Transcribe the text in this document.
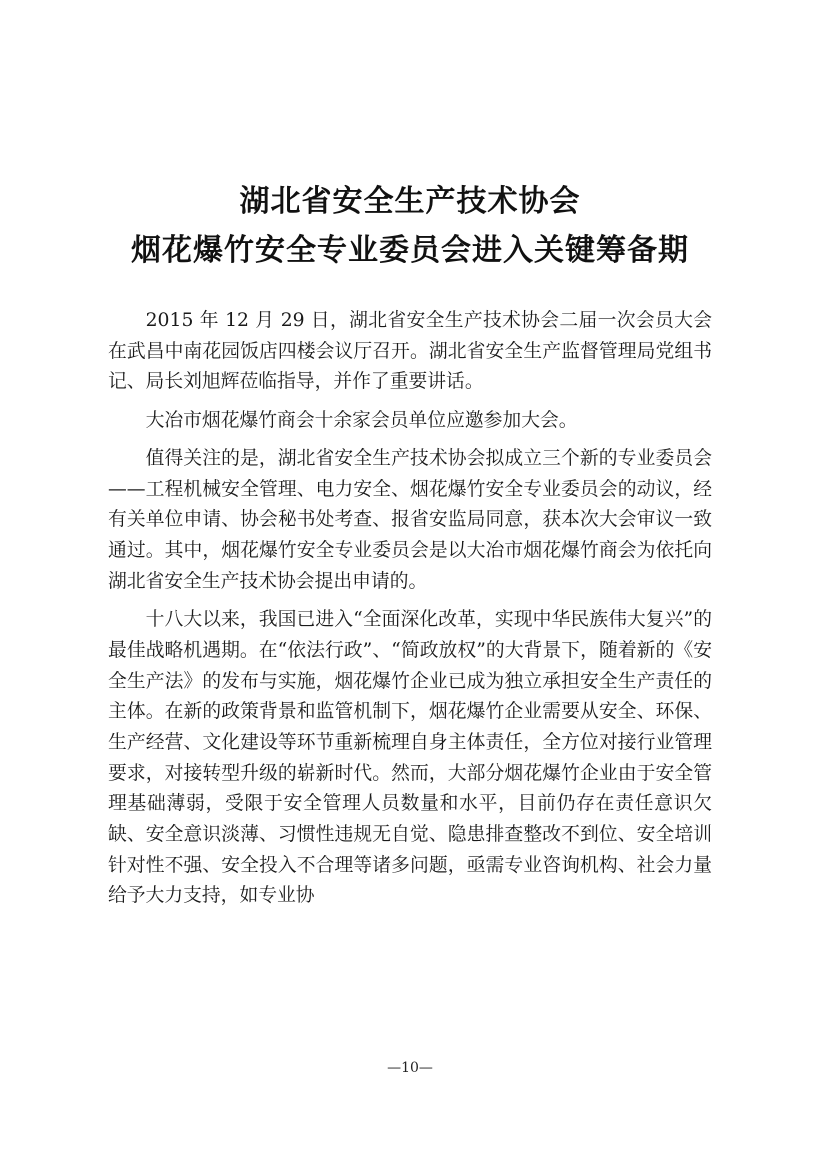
湖北省安全生产技术协会
烟花爆竹安全专业委员会进入关键筹备期

2015 年 12 月 29 日，湖北省安全生产技术协会二届一次会员大会在武昌中南花园饭店四楼会议厅召开。湖北省安全生产监督管理局党组书记、局长刘旭辉莅临指导，并作了重要讲话。

大冶市烟花爆竹商会十余家会员单位应邀参加大会。

值得关注的是，湖北省安全生产技术协会拟成立三个新的专业委员会——工程机械安全管理、电力安全、烟花爆竹安全专业委员会的动议，经有关单位申请、协会秘书处考查、报省安监局同意，获本次大会审议一致通过。其中，烟花爆竹安全专业委员会是以大冶市烟花爆竹商会为依托向湖北省安全生产技术协会提出申请的。

十八大以来，我国已进入“全面深化改革，实现中华民族伟大复兴”的最佳战略机遇期。在“依法行政”、“简政放权”的大背景下，随着新的《安全生产法》的发布与实施，烟花爆竹企业已成为独立承担安全生产责任的主体。在新的政策背景和监管机制下，烟花爆竹企业需要从安全、环保、生产经营、文化建设等环节重新梳理自身主体责任，全方位对接行业管理要求，对接转型升级的崭新时代。然而，大部分烟花爆竹企业由于安全管理基础薄弱，受限于安全管理人员数量和水平，目前仍存在责任意识欠缺、安全意识淡薄、习惯性违规无自觉、隐患排查整改不到位、安全培训针对性不强、安全投入不合理等诸多问题，亟需专业咨询机构、社会力量给予大力支持，如专业协

—10—
